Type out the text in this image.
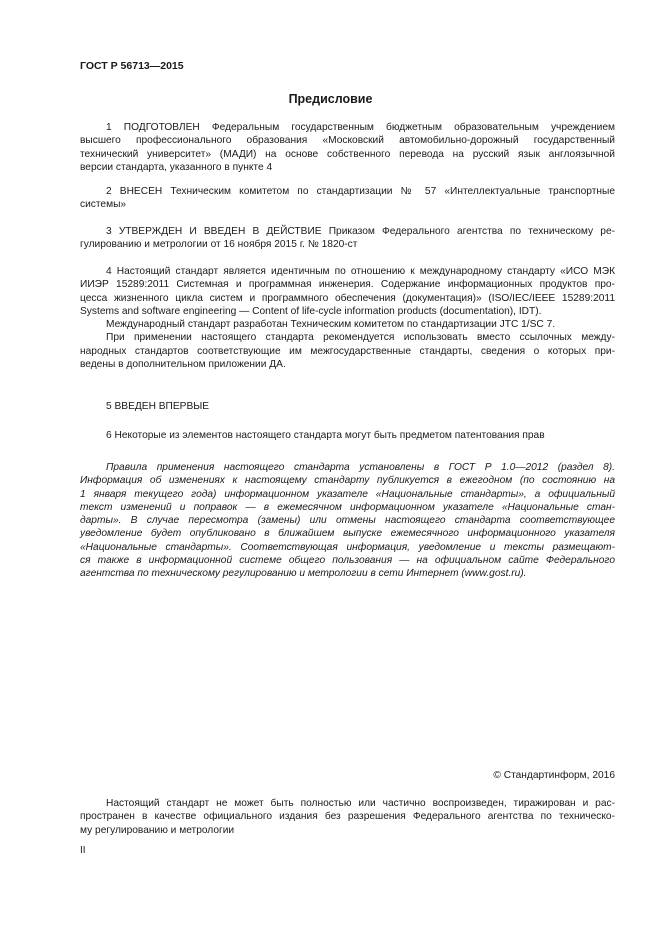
ГОСТ Р 56713—2015
Предисловие
1 ПОДГОТОВЛЕН Федеральным государственным бюджетным образовательным учреждением
высшего профессионального образования «Московский автомобильно-дорожный государственный
технический университет» (МАДИ) на основе собственного перевода на русский язык англоязычной
версии стандарта, указанного в пункте 4
2 ВНЕСЕН Техническим комитетом по стандартизации № 57 «Интеллектуальные транспортные
системы»
3 УТВЕРЖДЕН И ВВЕДЕН В ДЕЙСТВИЕ Приказом Федерального агентства по техническому ре-
гулированию и метрологии от 16 ноября 2015 г. № 1820-ст
4 Настоящий стандарт является идентичным по отношению к международному стандарту «ИСО МЭК
ИИЭР 15289:2011 Системная и программная инженерия. Содержание информационных продуктов про-
цесса жизненного цикла систем и программного обеспечения (документация)» (ISO/IEC/IEEE 15289:2011
Systems and software engineering — Content of life-cycle information products (documentation), IDT).
Международный стандарт разработан Техническим комитетом по стандартизации JTC 1/SC 7.
При применении настоящего стандарта рекомендуется использовать вместо ссылочных между-
народных стандартов соответствующие им межгосударственные стандарты, сведения о которых при-
ведены в дополнительном приложении ДА.
5 ВВЕДЕН ВПЕРВЫЕ
6 Некоторые из элементов настоящего стандарта могут быть предметом патентования прав
Правила применения настоящего стандарта установлены в ГОСТ Р 1.0—2012 (раздел 8).
Информация об изменениях к настоящему стандарту публикуется в ежегодном (по состоянию на
1 января текущего года) информационном указателе «Национальные стандарты», а официальный
текст изменений и поправок — в ежемесячном информационном указателе «Национальные стан-
дарты». В случае пересмотра (замены) или отмены настоящего стандарта соответствующее
уведомление будет опубликовано в ближайшем выпуске ежемесячного информационного указателя
«Национальные стандарты». Соответствующая информация, уведомление и тексты размещают-
ся также в информационной системе общего пользования — на официальном сайте Федерального
агентства по техническому регулированию и метрологии в сети Интернет (www.gost.ru).
© Стандартинформ, 2016
Настоящий стандарт не может быть полностью или частично воспроизведен, тиражирован и рас-
пространен в качестве официального издания без разрешения Федерального агентства по техническо-
му регулированию и метрологии
II
